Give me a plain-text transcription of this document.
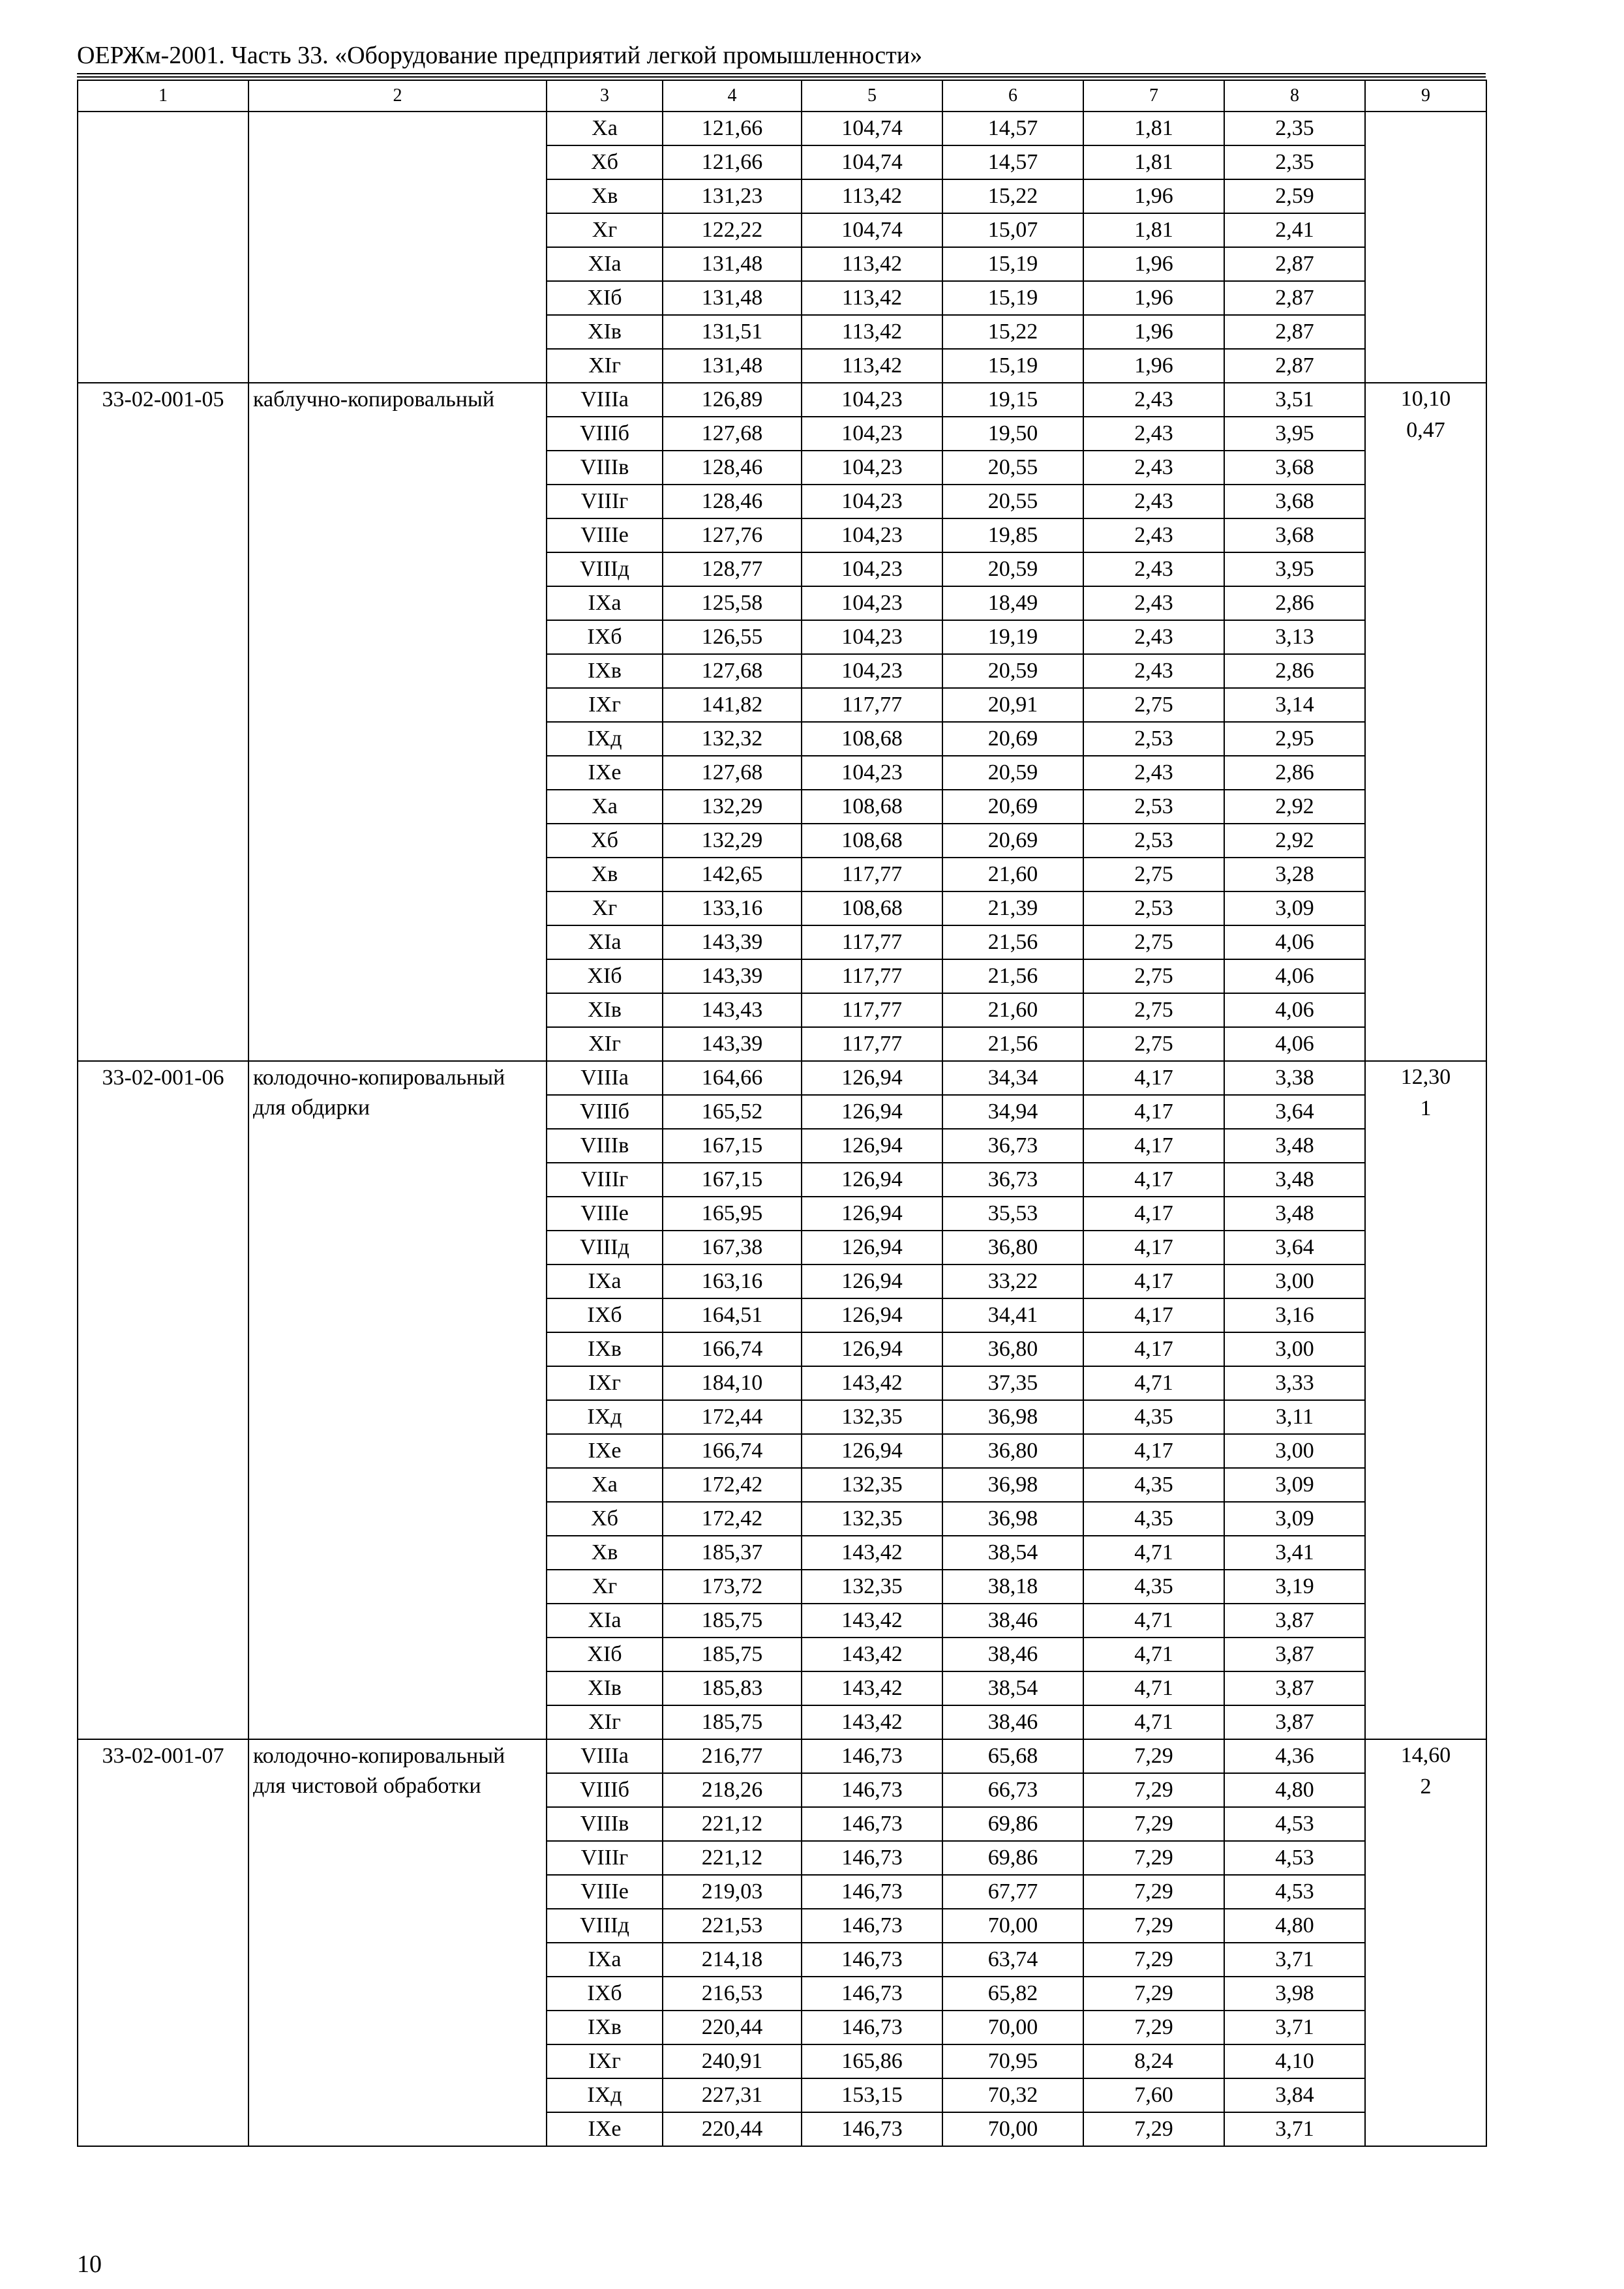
ОЕРЖм-2001. Часть 33. «Оборудование предприятий легкой промышленности»
1	2	3	4	5	6	7	8	9
		Xa	121,66	104,74	14,57	1,81	2,35	

		Xб	121,66	104,74	14,57	1,81	2,35	
		Xв	131,23	113,42	15,22	1,96	2,59	
		Xг	122,22	104,74	15,07	1,81	2,41	
		XIa	131,48	113,42	15,19	1,96	2,87	
		XIб	131,48	113,42	15,19	1,96	2,87	
		XIв	131,51	113,42	15,22	1,96	2,87	
		XIг	131,48	113,42	15,19	1,96	2,87	
33-02-001-05	каблучно-копировальный	VIIIa	126,89	104,23	19,15	2,43	3,51	10,10
0,47

		VIIIб	127,68	104,23	19,50	2,43	3,95	
		VIIIв	128,46	104,23	20,55	2,43	3,68	
		VIIIг	128,46	104,23	20,55	2,43	3,68	
		VIIIe	127,76	104,23	19,85	2,43	3,68	
		VIIIд	128,77	104,23	20,59	2,43	3,95	
		IXa	125,58	104,23	18,49	2,43	2,86	
		IXб	126,55	104,23	19,19	2,43	3,13	
		IXв	127,68	104,23	20,59	2,43	2,86	
		IXг	141,82	117,77	20,91	2,75	3,14	
		IXд	132,32	108,68	20,69	2,53	2,95	
		IXe	127,68	104,23	20,59	2,43	2,86	
		Xa	132,29	108,68	20,69	2,53	2,92	
		Xб	132,29	108,68	20,69	2,53	2,92	
		Xв	142,65	117,77	21,60	2,75	3,28	
		Xг	133,16	108,68	21,39	2,53	3,09	
		XIa	143,39	117,77	21,56	2,75	4,06	
		XIб	143,39	117,77	21,56	2,75	4,06	
		XIв	143,43	117,77	21,60	2,75	4,06	
		XIг	143,39	117,77	21,56	2,75	4,06	
33-02-001-06	колодочно-копировальный для обдирки	VIIIa	164,66	126,94	34,34	4,17	3,38	12,30
1

		VIIIб	165,52	126,94	34,94	4,17	3,64	
		VIIIв	167,15	126,94	36,73	4,17	3,48	
		VIIIг	167,15	126,94	36,73	4,17	3,48	
		VIIIe	165,95	126,94	35,53	4,17	3,48	
		VIIIд	167,38	126,94	36,80	4,17	3,64	
		IXa	163,16	126,94	33,22	4,17	3,00	
		IXб	164,51	126,94	34,41	4,17	3,16	
		IXв	166,74	126,94	36,80	4,17	3,00	
		IXг	184,10	143,42	37,35	4,71	3,33	
		IXд	172,44	132,35	36,98	4,35	3,11	
		IXe	166,74	126,94	36,80	4,17	3,00	
		Xa	172,42	132,35	36,98	4,35	3,09	
		Xб	172,42	132,35	36,98	4,35	3,09	
		Xв	185,37	143,42	38,54	4,71	3,41	
		Xг	173,72	132,35	38,18	4,35	3,19	
		XIa	185,75	143,42	38,46	4,71	3,87	
		XIб	185,75	143,42	38,46	4,71	3,87	
		XIв	185,83	143,42	38,54	4,71	3,87	
		XIг	185,75	143,42	38,46	4,71	3,87	
33-02-001-07	колодочно-копировальный для чистовой обработки	VIIIa	216,77	146,73	65,68	7,29	4,36	14,60
2

		VIIIб	218,26	146,73	66,73	7,29	4,80	
		VIIIв	221,12	146,73	69,86	7,29	4,53	
		VIIIг	221,12	146,73	69,86	7,29	4,53	
		VIIIe	219,03	146,73	67,77	7,29	4,53	
		VIIIд	221,53	146,73	70,00	7,29	4,80	
		IXa	214,18	146,73	63,74	7,29	3,71	
		IXб	216,53	146,73	65,82	7,29	3,98	
		IXв	220,44	146,73	70,00	7,29	3,71	
		IXг	240,91	165,86	70,95	8,24	4,10	
		IXд	227,31	153,15	70,32	7,60	3,84	
		IXe	220,44	146,73	70,00	7,29	3,71	
10
